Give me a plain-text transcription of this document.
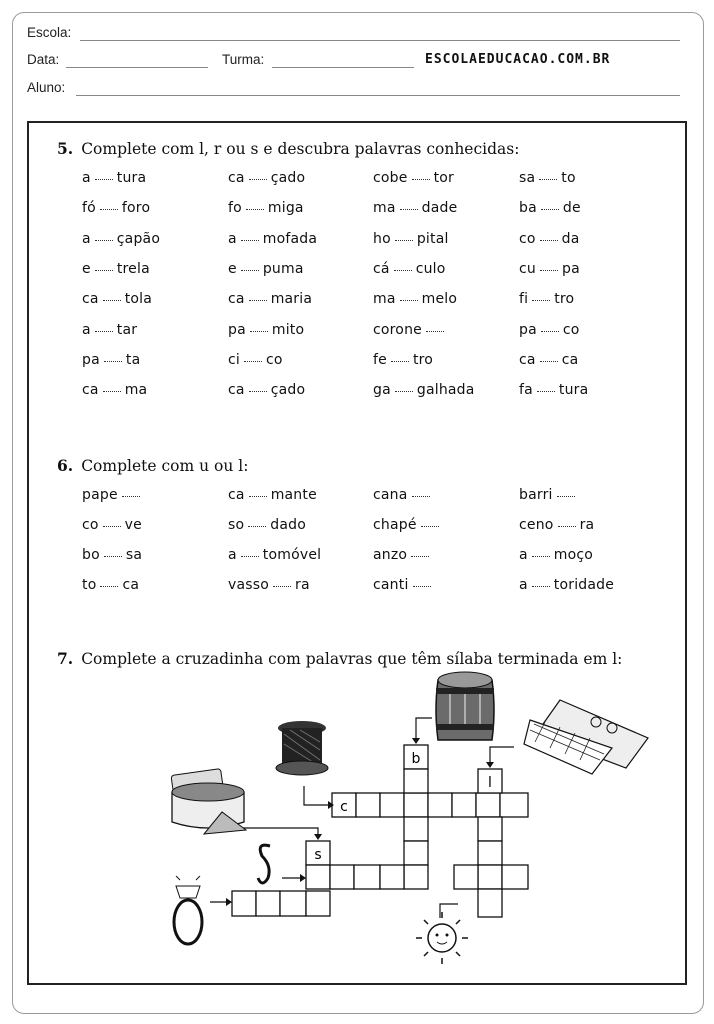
Escola:
Data:	Turma:	ESCOLAEDUCACAO.COM.BR
Aluno:
5. Complete com l, r ou s e descubra palavras conhecidas:
a tura	ca çado	cobe tor	sa to
fó foro	fo miga	ma dade	ba de
a çapão	a mofada	ho pital	co da
e trela	e puma	cá culo	cu pa
ca tola	ca maria	ma melo	fi tro
a tar	pa mito	corone	pa co
pa ta	ci co	fe tro	ca ca
ca ma	ca çado	ga galhada	fa tura
6. Complete com u ou l:
pape	ca mante	cana	barri
co ve	so dado	chapé	ceno ra
bo sa	a tomóvel	anzo	a moço
to ca	vasso ra	canti	a toridade
7. Complete a cruzadinha com palavras que têm sílaba terminada em l:
b
l
c
s
